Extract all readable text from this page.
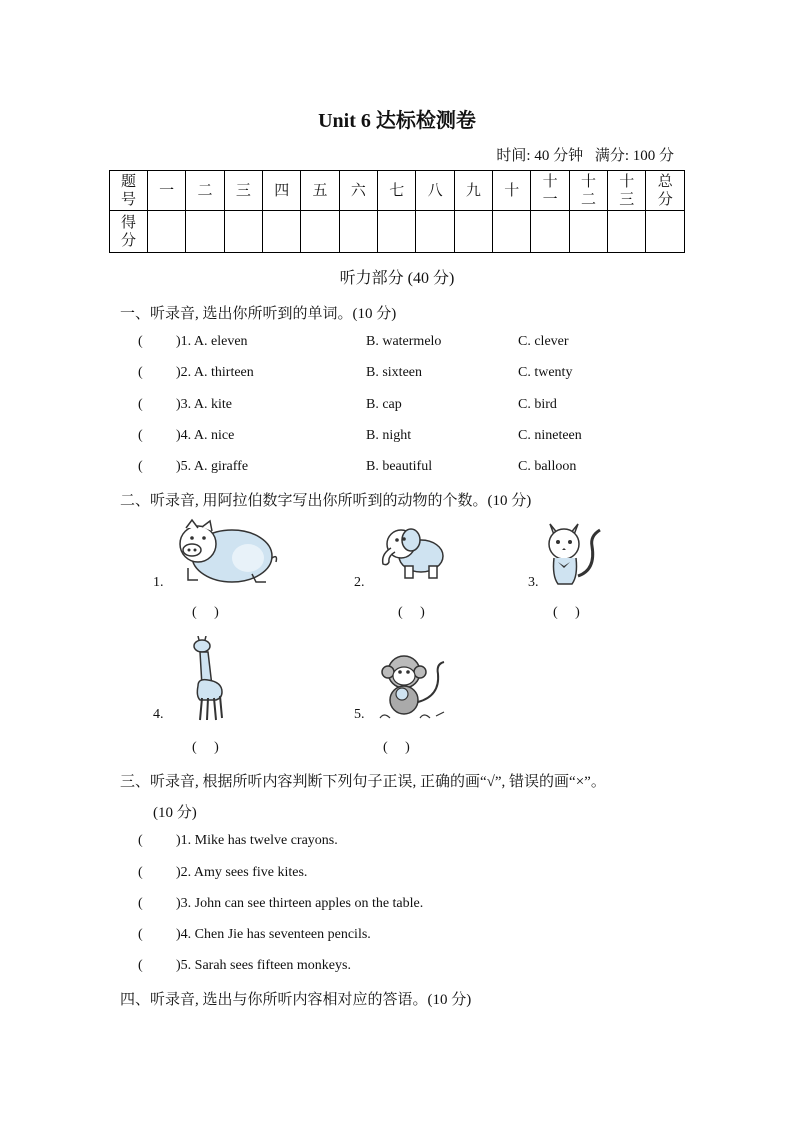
Unit 6 达标检测卷
时间: 40 分钟 满分: 100 分
题号	一	二	三	四	五	六	七	八	九	十	十一	十二	十三	总分
得分														
听力部分 (40 分)
一、听录音, 选出你所听到的单词。(10 分)
( )1. A. eleven	B. watermelo	C. clever
( )2. A. thirteen	B. sixteen	C. twenty
( )3. A. kite	B. cap	C. bird
( )4. A. nice	B. night	C. nineteen
( )5. A. giraffe	B. beautiful	C. balloon
二、听录音, 用阿拉伯数字写出你所听到的动物的个数。(10 分)
1.	2.	3.
(     )	(     )	(     )
4.	5.
(     )	(     )
三、听录音, 根据所听内容判断下列句子正误, 正确的画“√”, 错误的画“×”。
(10 分)
( )1. Mike has twelve crayons.
( )2. Amy sees five kites.
( )3. John can see thirteen apples on the table.
( )4. Chen Jie has seventeen pencils.
( )5. Sarah sees fifteen monkeys.
四、听录音, 选出与你所听内容相对应的答语。(10 分)
